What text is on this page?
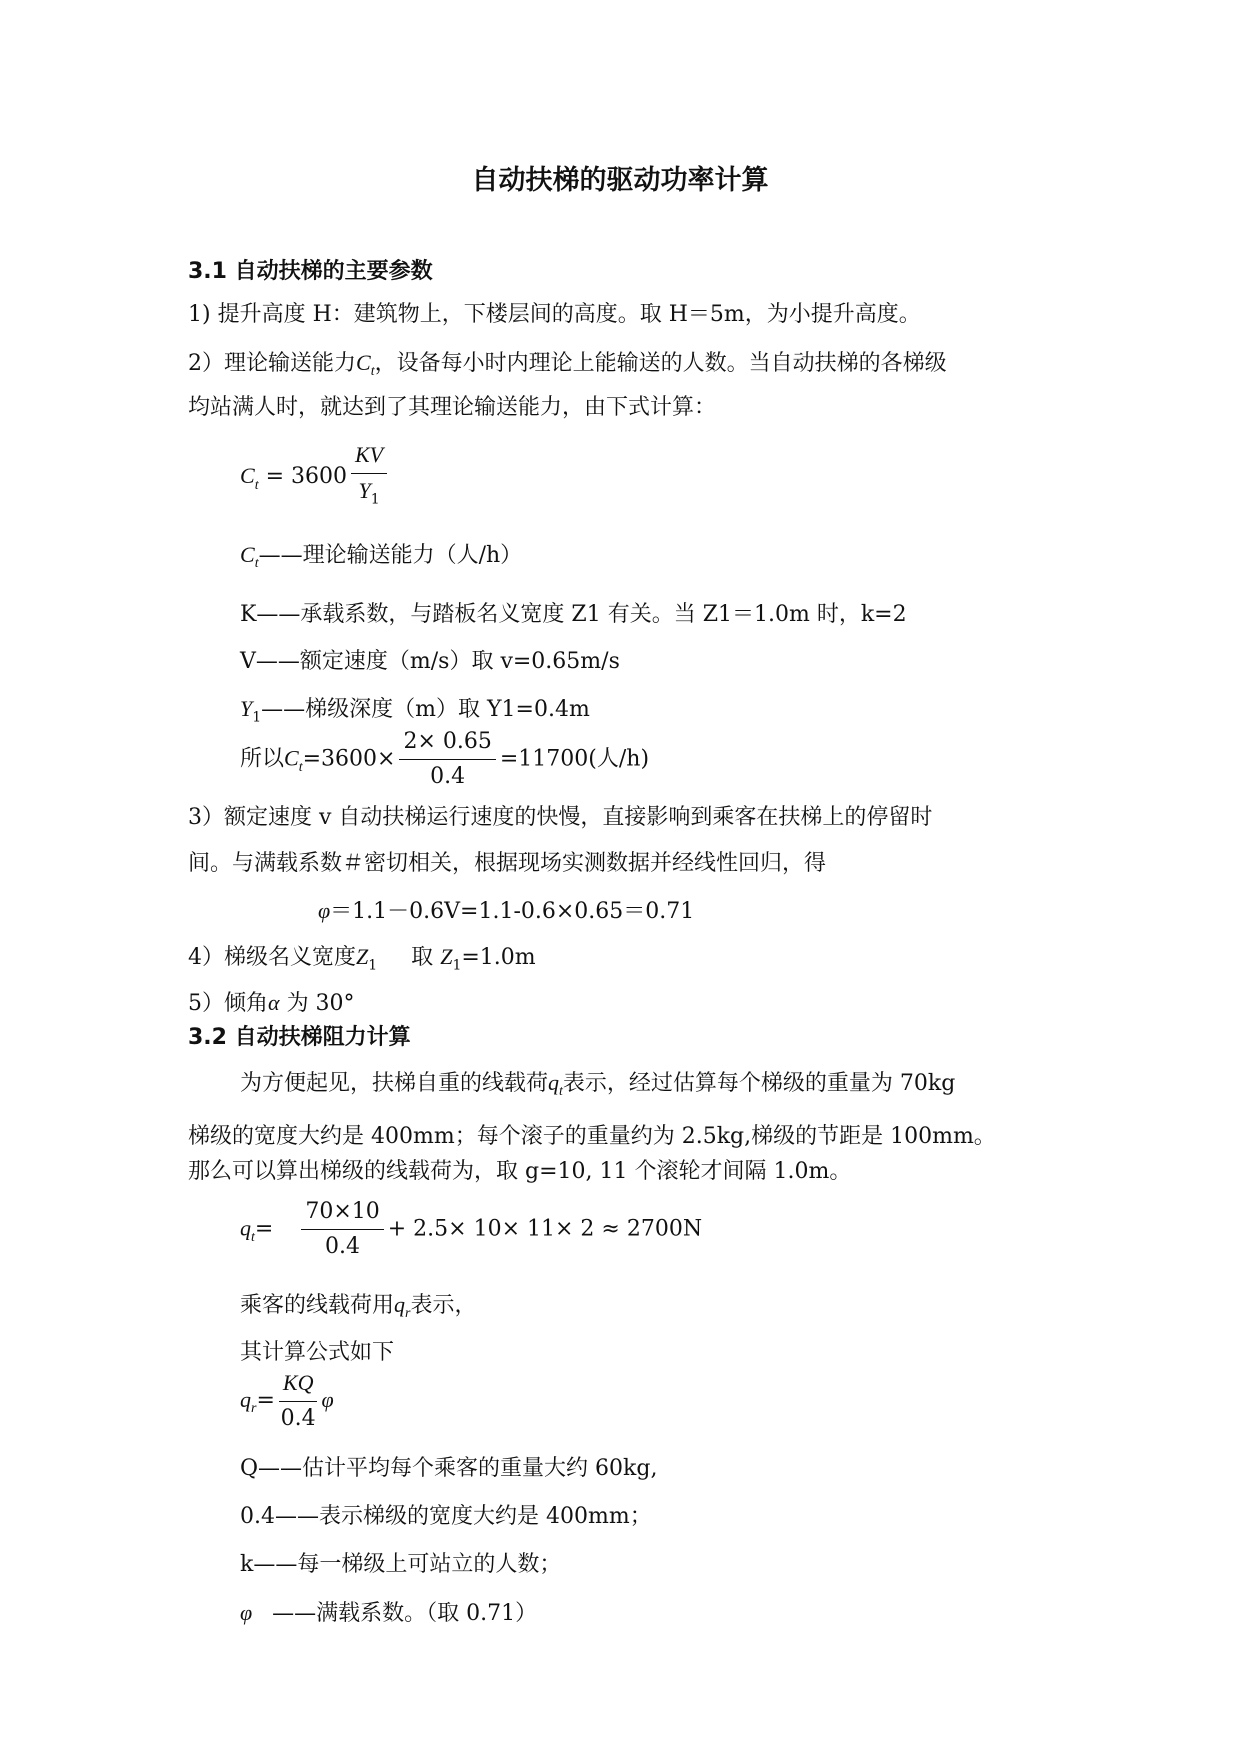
自动扶梯的驱动功率计算
3.1 自动扶梯的主要参数
1) 提升高度 H：建筑物上，下楼层间的高度。取 H＝5m，为小提升高度。
2）理论输送能力$C_t$，设备每小时内理论上能输送的人数。当自动扶梯的各梯级
均站满人时，就达到了其理论输送能力，由下式计算：
$C_t = 3600 \frac{KV}{Y_1}$
$C_t——$理论输送能力（人/h）
K——承载系数，与踏板名义宽度 Z1 有关。当 Z1＝1.0m 时，k=2
V——额定速度（m/s）取 v=0.65m/s
$Y_1——$梯级深度（m）取 Y1=0.4m
所以$C_t=3600\times \frac{2\times 0.65}{0.4} =11700$(人/h)
3）额定速度 v 自动扶梯运行速度的快慢，直接影响到乘客在扶梯上的停留时
间。与满载系数＃密切相关，根据现场实测数据并经线性回归，得
φ＝1.1－0.6V=1.1-0.6×0.65＝0.71
4）梯级名义宽度$Z_1$ 取 $Z_1=1.0m$
5）倾角α 为 30°
3.2 自动扶梯阻力计算
为方便起见，扶梯自重的线载荷$q_t$表示，经过估算每个梯级的重量为 70kg
梯级的宽度大约是 400mm；每个滚子的重量约为 2.5kg,梯级的节距是 100mm。
那么可以算出梯级的线载荷为，取 g=10, 11 个滚轮才间隔 1.0m。
$q_t= \frac{70\times 10}{0.4} + 2.5\times 10\times 11\times 2 \approx 2700N$
乘客的线载荷用$q_r$表示，
其计算公式如下
$q_r= \frac{KQ}{0.4}$ φ
Q——估计平均每个乘客的重量大约 60kg,
0.4——表示梯级的宽度大约是 400mm；
k——每一梯级上可站立的人数；
φ ——满载系数。（取 0.71）
